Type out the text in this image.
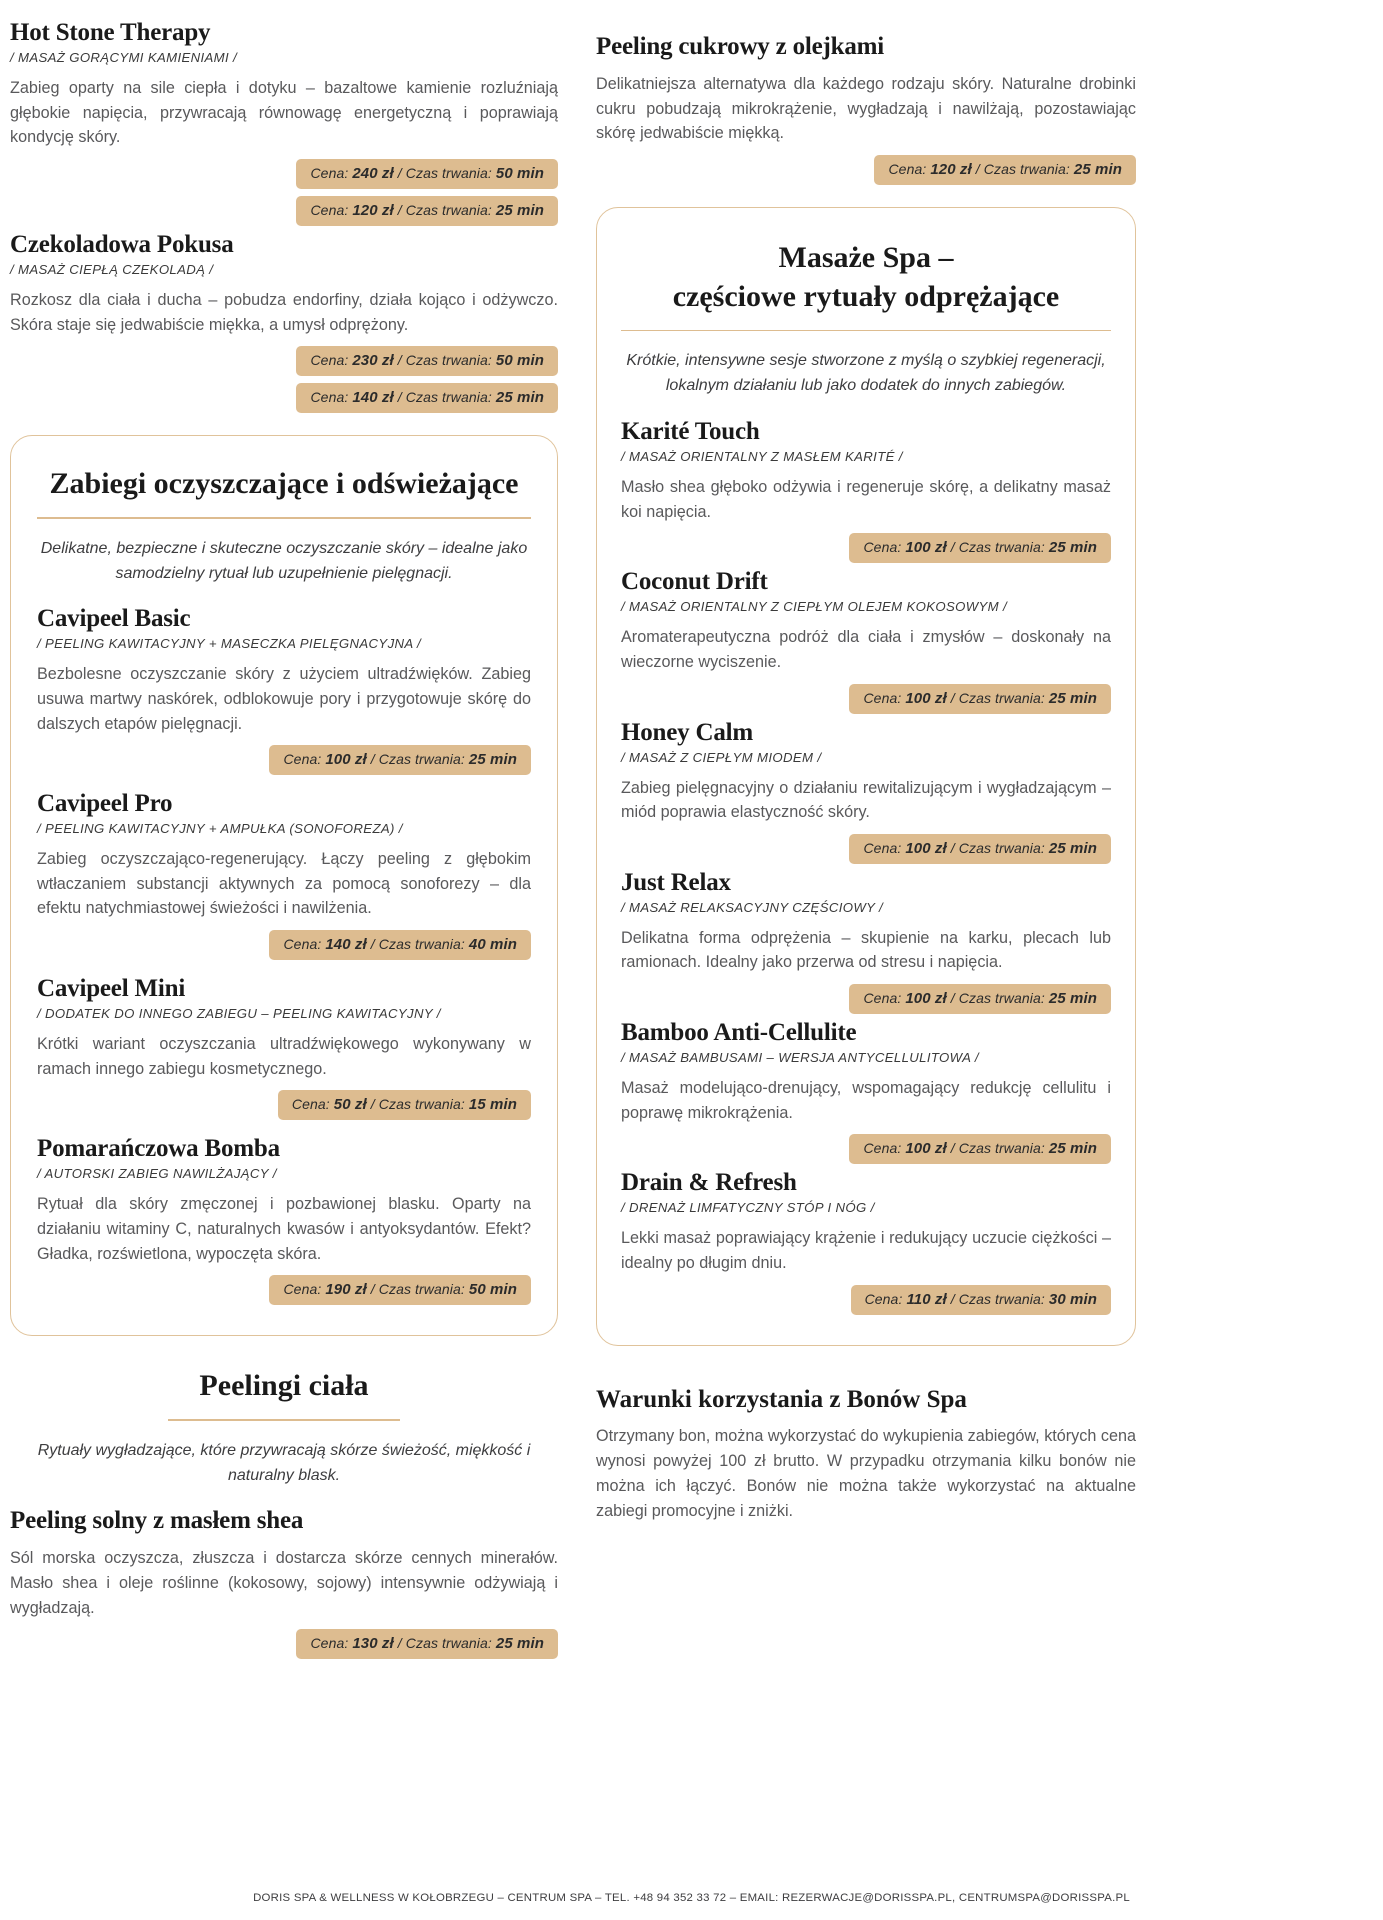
Hot Stone Therapy
/ MASAŻ GORĄCYMI KAMIENIAMI /
Zabieg oparty na sile ciepła i dotyku – bazaltowe kamienie rozluźniają głębokie napięcia, przywracają równowagę energetyczną i poprawiają kondycję skóry.
Cena: 240 zł / Czas trwania: 50 min
Cena: 120 zł / Czas trwania: 25 min
Czekoladowa Pokusa
/ MASAŻ CIEPŁĄ CZEKOLADĄ /
Rozkosz dla ciała i ducha – pobudza endorfiny, działa kojąco i odżywczo. Skóra staje się jedwabiście miękka, a umysł odprężony.
Cena: 230 zł / Czas trwania: 50 min
Cena: 140 zł / Czas trwania: 25 min
Zabiegi oczyszczające i odświeżające
Delikatne, bezpieczne i skuteczne oczyszczanie skóry – idealne jako samodzielny rytuał lub uzupełnienie pielęgnacji.
Cavipeel Basic
/ PEELING KAWITACYJNY + MASECZKA PIELĘGNACYJNA /
Bezbolesne oczyszczanie skóry z użyciem ultradźwięków. Zabieg usuwa martwy naskórek, odblokowuje pory i przygotowuje skórę do dalszych etapów pielęgnacji.
Cena: 100 zł / Czas trwania: 25 min
Cavipeel Pro
/ PEELING KAWITACYJNY + AMPUŁKA (SONOFOREZA) /
Zabieg oczyszczająco-regenerujący. Łączy peeling z głębokim wtłaczaniem substancji aktywnych za pomocą sonoforezy – dla efektu natychmiastowej świeżości i nawilżenia.
Cena: 140 zł / Czas trwania: 40 min
Cavipeel Mini
/ DODATEK DO INNEGO ZABIEGU – PEELING KAWITACYJNY /
Krótki wariant oczyszczania ultradźwiękowego wykonywany w ramach innego zabiegu kosmetycznego.
Cena: 50 zł / Czas trwania: 15 min
Pomarańczowa Bomba
/ AUTORSKI ZABIEG NAWILŻAJĄCY /
Rytuał dla skóry zmęczonej i pozbawionej blasku. Oparty na działaniu witaminy C, naturalnych kwasów i antyoksydantów. Efekt? Gładka, rozświetlona, wypoczęta skóra.
Cena: 190 zł / Czas trwania: 50 min
Peelingi ciała
Rytuały wygładzające, które przywracają skórze świeżość, miękkość i naturalny blask.
Peeling solny z masłem shea
Sól morska oczyszcza, złuszcza i dostarcza skórze cennych minerałów. Masło shea i oleje roślinne (kokosowy, sojowy) intensywnie odżywiają i wygładzają.
Cena: 130 zł / Czas trwania: 25 min
Peeling cukrowy z olejkami
Delikatniejsza alternatywa dla każdego rodzaju skóry. Naturalne drobinki cukru pobudzają mikrokrążenie, wygładzają i nawilżają, pozostawiając skórę jedwabiście miękką.
Cena: 120 zł / Czas trwania: 25 min
Masaże Spa –
częściowe rytuały odprężające
Krótkie, intensywne sesje stworzone z myślą o szybkiej regeneracji, lokalnym działaniu lub jako dodatek do innych zabiegów.
Karité Touch
/ MASAŻ ORIENTALNY Z MASŁEM KARITÉ /
Masło shea głęboko odżywia i regeneruje skórę, a delikatny masaż koi napięcia.
Cena: 100 zł / Czas trwania: 25 min
Coconut Drift
/ MASAŻ ORIENTALNY Z CIEPŁYM OLEJEM KOKOSOWYM /
Aromaterapeutyczna podróż dla ciała i zmysłów – doskonały na wieczorne wyciszenie.
Cena: 100 zł / Czas trwania: 25 min
Honey Calm
/ MASAŻ Z CIEPŁYM MIODEM /
Zabieg pielęgnacyjny o działaniu rewitalizującym i wygładzającym – miód poprawia elastyczność skóry.
Cena: 100 zł / Czas trwania: 25 min
Just Relax
/ MASAŻ RELAKSACYJNY CZĘŚCIOWY /
Delikatna forma odprężenia – skupienie na karku, plecach lub ramionach. Idealny jako przerwa od stresu i napięcia.
Cena: 100 zł / Czas trwania: 25 min
Bamboo Anti-Cellulite
/ MASAŻ BAMBUSAMI – WERSJA ANTYCELLULITOWA /
Masaż modelująco-drenujący, wspomagający redukcję cellulitu i poprawę mikrokrążenia.
Cena: 100 zł / Czas trwania: 25 min
Drain & Refresh
/ DRENAŻ LIMFATYCZNY STÓP I NÓG /
Lekki masaż poprawiający krążenie i redukujący uczucie ciężkości – idealny po długim dniu.
Cena: 110 zł / Czas trwania: 30 min
Warunki korzystania z Bonów Spa
Otrzymany bon, można wykorzystać do wykupienia zabiegów, których cena wynosi powyżej 100 zł brutto. W przypadku otrzymania kilku bonów nie można ich łączyć. Bonów nie można także wykorzystać na aktualne zabiegi promocyjne i zniżki.
DORIS SPA & WELLNESS W KOŁOBRZEGU – CENTRUM SPA – TEL. +48 94 352 33 72 – EMAIL: REZERWACJE@DORISSPA.PL, CENTRUMSPA@DORISSPA.PL
